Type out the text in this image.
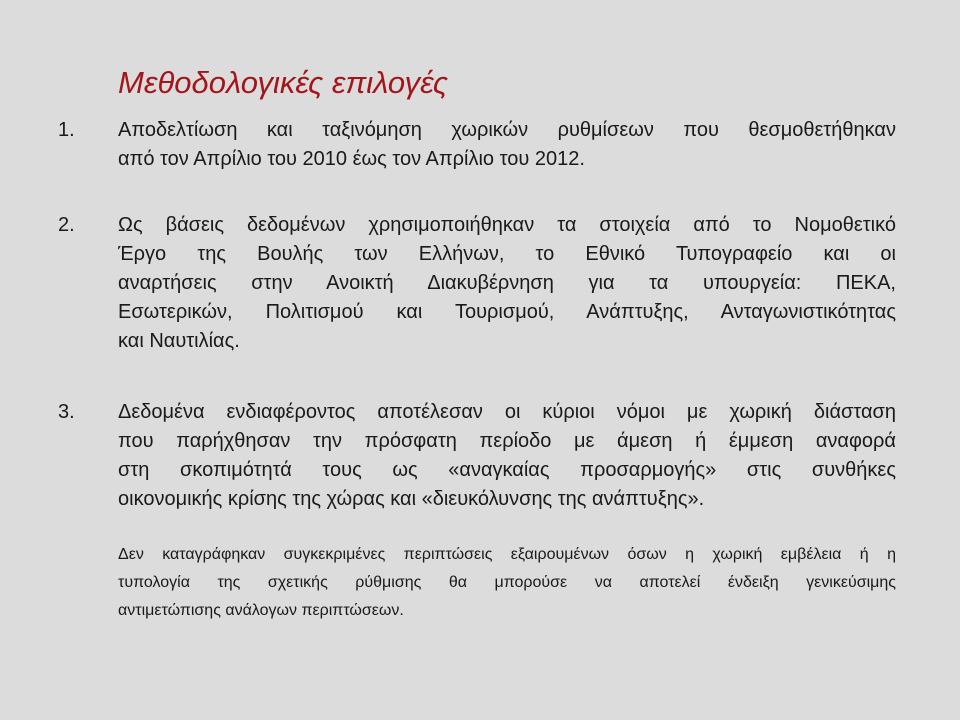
Μεθοδολογικές επιλογές
1. Αποδελτίωση και ταξινόμηση χωρικών ρυθμίσεων που θεσμοθετήθηκαν
από τον Απρίλιο του 2010 έως τον Απρίλιο του 2012.
2. Ως βάσεις δεδομένων χρησιμοποιήθηκαν τα στοιχεία από το Νομοθετικό
Έργο της Βουλής των Ελλήνων, το Εθνικό Τυπογραφείο και οι
αναρτήσεις στην Ανοικτή Διακυβέρνηση για τα υπουργεία: ΠΕΚΑ,
Εσωτερικών, Πολιτισμού και Τουρισμού, Ανάπτυξης, Ανταγωνιστικότητας
και Ναυτιλίας.
3. Δεδομένα ενδιαφέροντος αποτέλεσαν οι κύριοι νόμοι με χωρική διάσταση
που παρήχθησαν την πρόσφατη περίοδο με άμεση ή έμμεση αναφορά
στη σκοπιμότητά τους ως «αναγκαίας προσαρμογής» στις συνθήκες
οικονομικής κρίσης της χώρας και «διευκόλυνσης της ανάπτυξης».
Δεν καταγράφηκαν συγκεκριμένες περιπτώσεις εξαιρουμένων όσων η χωρική εμβέλεια ή η
τυπολογία της σχετικής ρύθμισης θα μπορούσε να αποτελεί ένδειξη γενικεύσιμης
αντιμετώπισης ανάλογων περιπτώσεων.
